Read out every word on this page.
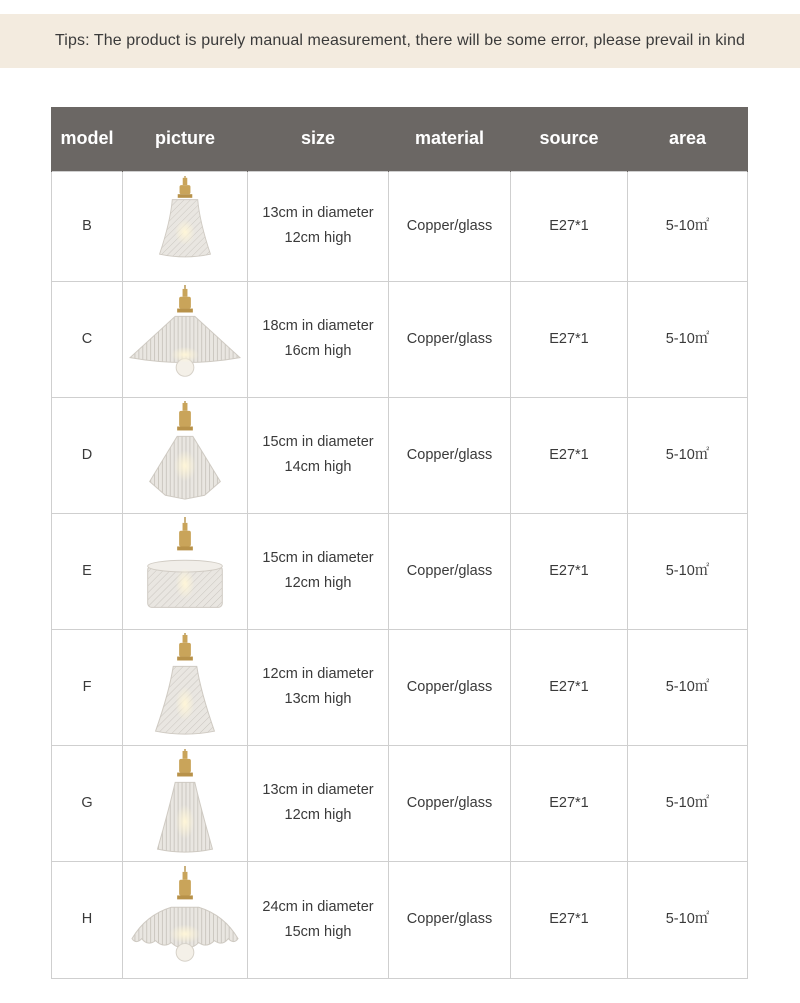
Tips: The product is purely manual measurement, there will be some error, please prevail in kind
model	picture	size	material	source	area
B		13cm in diameter
12cm high	Copper/glass	E27*1	5-10㎡
C		18cm in diameter
16cm high	Copper/glass	E27*1	5-10㎡
D		15cm in diameter
14cm high	Copper/glass	E27*1	5-10㎡
E		15cm in diameter
12cm high	Copper/glass	E27*1	5-10㎡
F		12cm in diameter
13cm high	Copper/glass	E27*1	5-10㎡
G		13cm in diameter
12cm high	Copper/glass	E27*1	5-10㎡
H		24cm in diameter
15cm high	Copper/glass	E27*1	5-10㎡
